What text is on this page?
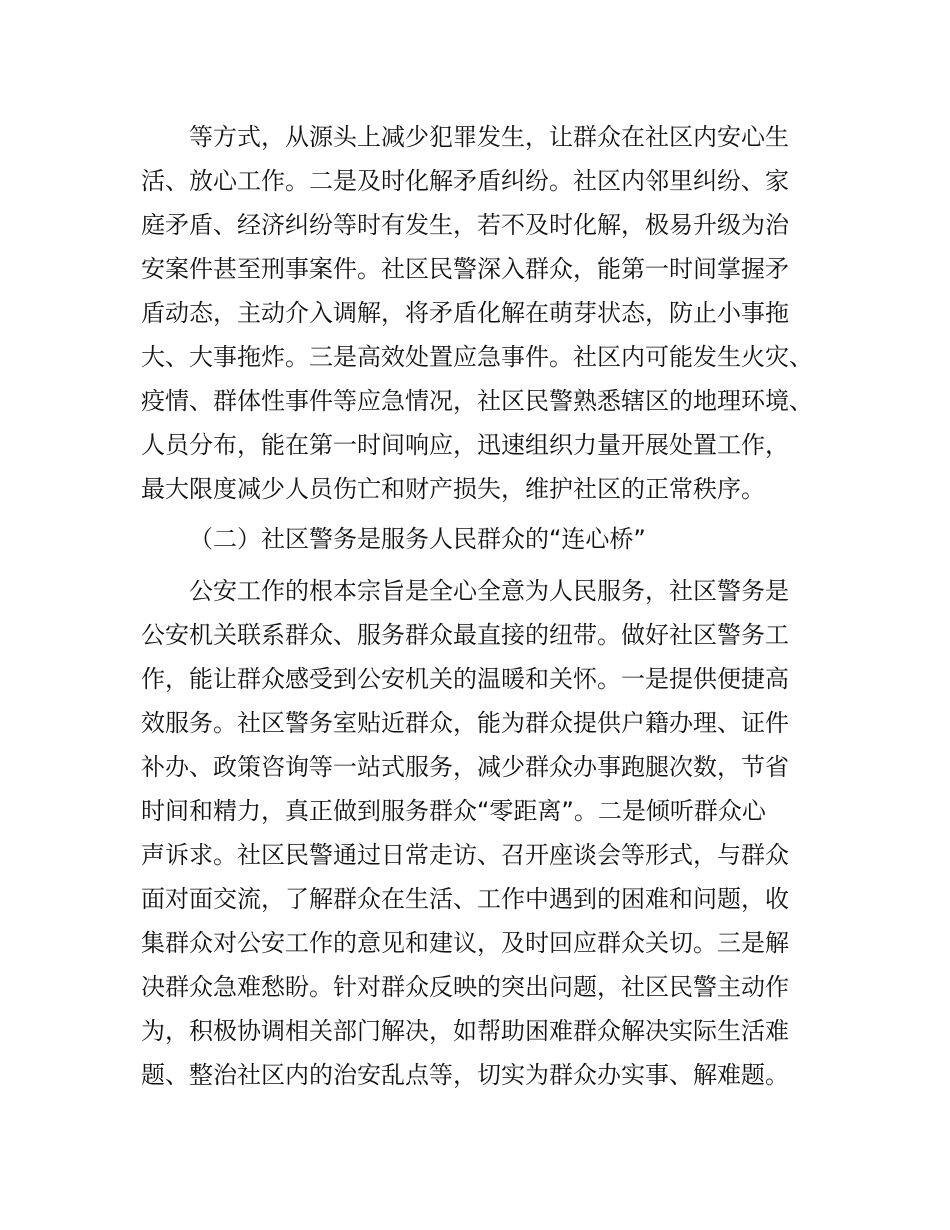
等方式，从源头上减少犯罪发生，让群众在社区内安心生
活、放心工作。二是及时化解矛盾纠纷。社区内邻里纠纷、家
庭矛盾、经济纠纷等时有发生，若不及时化解，极易升级为治
安案件甚至刑事案件。社区民警深入群众，能第一时间掌握矛
盾动态，主动介入调解，将矛盾化解在萌芽状态，防止小事拖
大、大事拖炸。三是高效处置应急事件。社区内可能发生火灾、
疫情、群体性事件等应急情况，社区民警熟悉辖区的地理环境、
人员分布，能在第一时间响应，迅速组织力量开展处置工作，
最大限度减少人员伤亡和财产损失，维护社区的正常秩序。
（二）社区警务是服务人民群众的“连心桥”
公安工作的根本宗旨是全心全意为人民服务，社区警务是
公安机关联系群众、服务群众最直接的纽带。做好社区警务工
作，能让群众感受到公安机关的温暖和关怀。一是提供便捷高
效服务。社区警务室贴近群众，能为群众提供户籍办理、证件
补办、政策咨询等一站式服务，减少群众办事跑腿次数，节省
时间和精力，真正做到服务群众“零距离”。二是倾听群众心
声诉求。社区民警通过日常走访、召开座谈会等形式，与群众
面对面交流，了解群众在生活、工作中遇到的困难和问题，收
集群众对公安工作的意见和建议，及时回应群众关切。三是解
决群众急难愁盼。针对群众反映的突出问题，社区民警主动作
为，积极协调相关部门解决，如帮助困难群众解决实际生活难
题、整治社区内的治安乱点等，切实为群众办实事、解难题。
